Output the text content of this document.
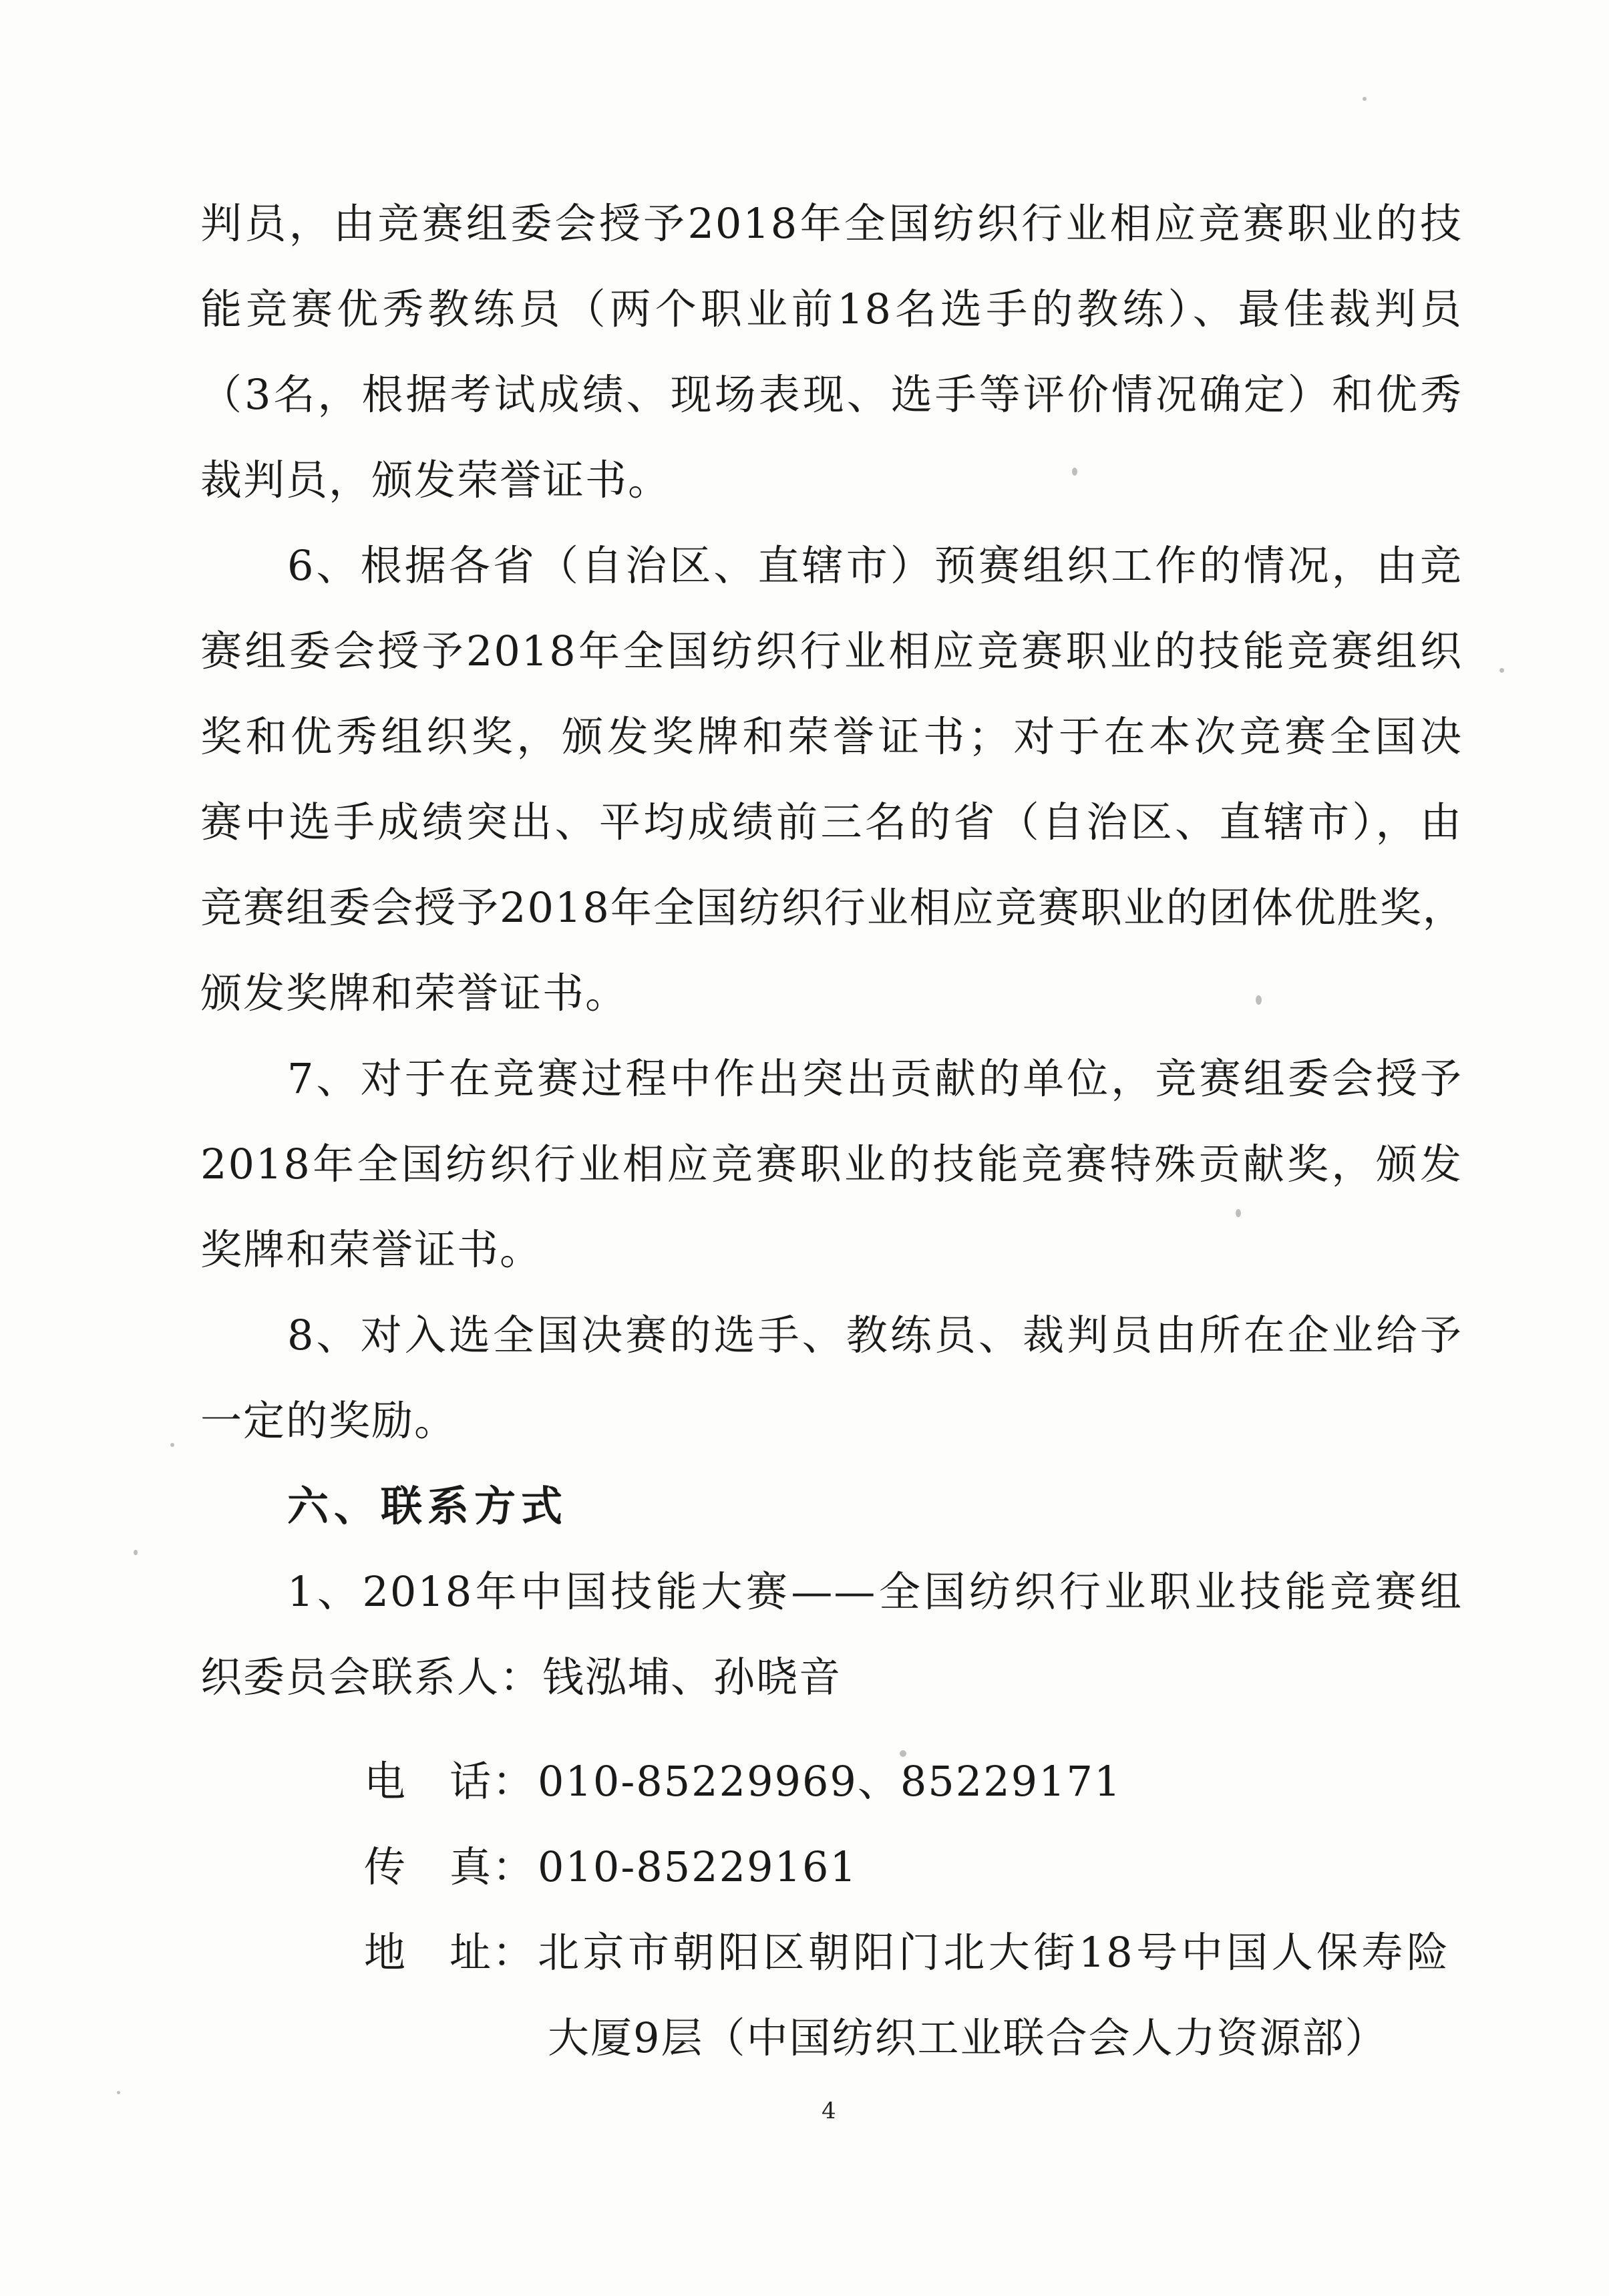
判员，由竞赛组委会授予2018年全国纺织行业相应竞赛职业的技
能竞赛优秀教练员（两个职业前18名选手的教练）、最佳裁判员
（3名，根据考试成绩、现场表现、选手等评价情况确定）和优秀
裁判员，颁发荣誉证书。
6、根据各省（自治区、直辖市）预赛组织工作的情况，由竞
赛组委会授予2018年全国纺织行业相应竞赛职业的技能竞赛组织
奖和优秀组织奖，颁发奖牌和荣誉证书；对于在本次竞赛全国决
赛中选手成绩突出、平均成绩前三名的省（自治区、直辖市），由
竞赛组委会授予2018年全国纺织行业相应竞赛职业的团体优胜奖，
颁发奖牌和荣誉证书。
7、对于在竞赛过程中作出突出贡献的单位，竞赛组委会授予
2018年全国纺织行业相应竞赛职业的技能竞赛特殊贡献奖，颁发
奖牌和荣誉证书。
8、对入选全国决赛的选手、教练员、裁判员由所在企业给予
一定的奖励。
六、联系方式
1、2018年中国技能大赛——全国纺织行业职业技能竞赛组
织委员会联系人：钱泓埔、孙晓音
电　话： 010-85229969、85229171
传　真： 010-85229161
地　址： 北京市朝阳区朝阳门北大街18号中国人保寿险
大厦9层（中国纺织工业联合会人力资源部）
4
